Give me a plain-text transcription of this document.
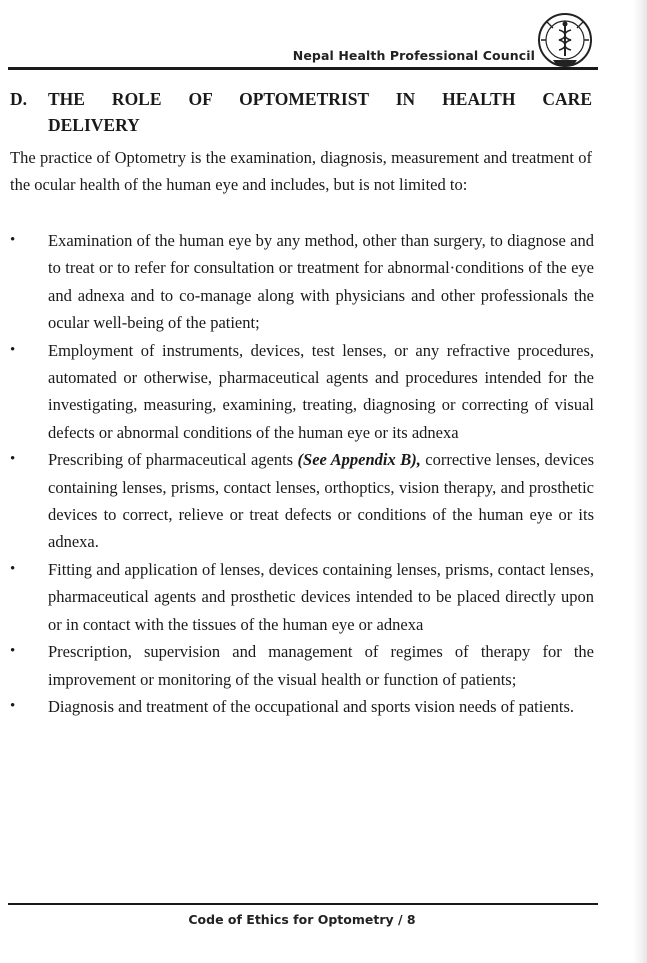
Nepal Health Professional Council
D. THE ROLE OF OPTOMETRIST IN HEALTH CARE
DELIVERY

The practice of Optometry is the examination, diagnosis, measurement and treatment of the ocular health of the human eye and includes, but is not limited to:

• Examination of the human eye by any method, other than surgery, to diagnose and to treat or to refer for consultation or treatment for abnormal·conditions of the eye and adnexa and to co-manage along with physicians and other professionals the ocular well-being of the patient;
• Employment of instruments, devices, test lenses, or any refractive procedures, automated or otherwise, pharmaceutical agents and procedures intended for the investigating, measuring, examining, treating, diagnosing or correcting of visual defects or abnormal conditions of the human eye or its adnexa
• Prescribing of pharmaceutical agents (See Appendix B), corrective lenses, devices containing lenses, prisms, contact lenses, orthoptics, vision therapy, and prosthetic devices to correct, relieve or treat defects or conditions of the human eye or its adnexa.
• Fitting and application of lenses, devices containing lenses, prisms, contact lenses, pharmaceutical agents and prosthetic devices intended to be placed directly upon or in contact with the tissues of the human eye or adnexa
• Prescription, supervision and management of regimes of therapy for the improvement or monitoring of the visual health or function of patients;
• Diagnosis and treatment of the occupational and sports vision needs of patients.
Code of Ethics for Optometry / 8
